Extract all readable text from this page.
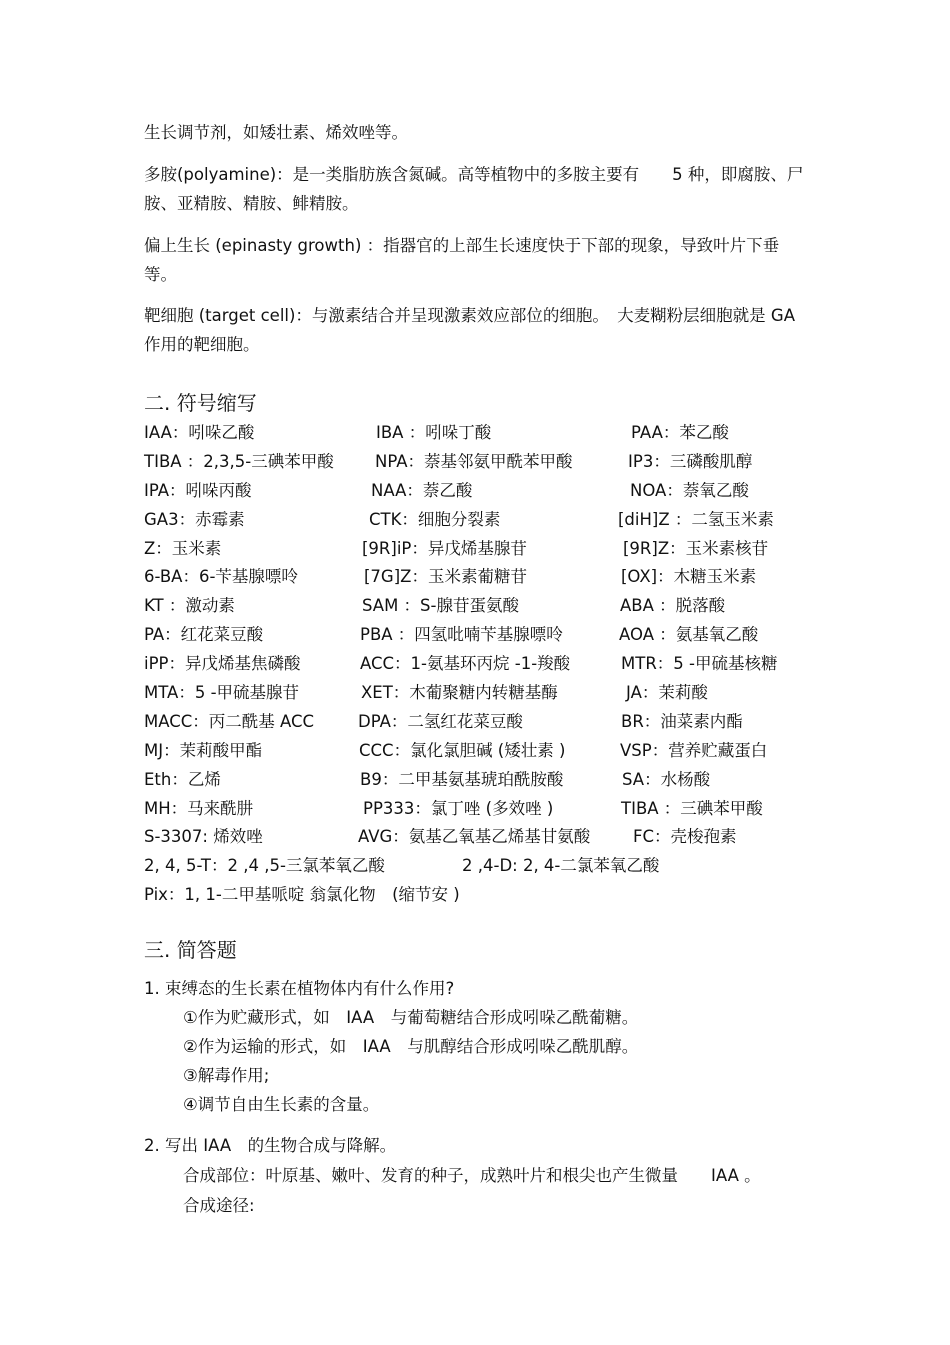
生长调节剂，如矮壮素、烯效唑等。
多胺(polyamine)：是一类脂肪族含氮碱。高等植物中的多胺主要有　　5 种，即腐胺、尸胺、亚精胺、精胺、鲱精胺。
偏上生长 (epinasty growth) ：指器官的上部生长速度快于下部的现象，导致叶片下垂等。
靶细胞 (target cell)：与激素结合并呈现激素效应部位的细胞。　大麦糊粉层细胞就是 GA 作用的靶细胞。
二. 符号缩写
IAA：吲哚乙酸	IBA ：吲哚丁酸	PAA：苯乙酸
TIBA ：2,3,5-三碘苯甲酸	NPA：萘基邻氨甲酰苯甲酸	IP3：三磷酸肌醇
IPA：吲哚丙酸	NAA：萘乙酸	NOA：萘氧乙酸
GA3：赤霉素	CTK：细胞分裂素	[diH]Z ：二氢玉米素
Z：玉米素	[9R]iP：异戊烯基腺苷	[9R]Z：玉米素核苷
6-BA：6-苄基腺嘌呤	[7G]Z：玉米素葡糖苷	[OX]：木糖玉米素
KT ：激动素	SAM ：S-腺苷蛋氨酸	ABA ：脱落酸
PA：红花菜豆酸	PBA ：四氢吡喃苄基腺嘌呤	AOA ：氨基氧乙酸
iPP：异戊烯基焦磷酸	ACC：1-氨基环丙烷 -1-羧酸	MTR：5 -甲硫基核糖
MTA：5 -甲硫基腺苷	XET：木葡聚糖内转糖基酶	JA：茉莉酸
MACC：丙二酰基 ACC	DPA：二氢红花菜豆酸	BR：油菜素内酯
MJ：茉莉酸甲酯	CCC：氯化氯胆碱 (矮壮素 )	VSP：营养贮藏蛋白
Eth：乙烯	B9：二甲基氨基琥珀酰胺酸	SA：水杨酸
MH：马来酰肼	PP333：氯丁唑 (多效唑 )	TIBA ：三碘苯甲酸
S-3307: 烯效唑	AVG：氨基乙氧基乙烯基甘氨酸	FC：壳梭孢素
2, 4, 5-T：2 ,4 ,5-三氯苯氧乙酸	2 ,4-D: 2, 4-二氯苯氧乙酸
Pix：1, 1-二甲基哌啶 翁氯化物　(缩节安 )
三. 简答题
1. 束缚态的生长素在植物体内有什么作用?
①作为贮藏形式，如　IAA　与葡萄糖结合形成吲哚乙酰葡糖。
②作为运输的形式，如　IAA　与肌醇结合形成吲哚乙酰肌醇。
③解毒作用;
④调节自由生长素的含量。
2. 写出 IAA　的生物合成与降解。
合成部位：叶原基、嫩叶、发育的种子，成熟叶片和根尖也产生微量　　IAA 。
合成途径:
